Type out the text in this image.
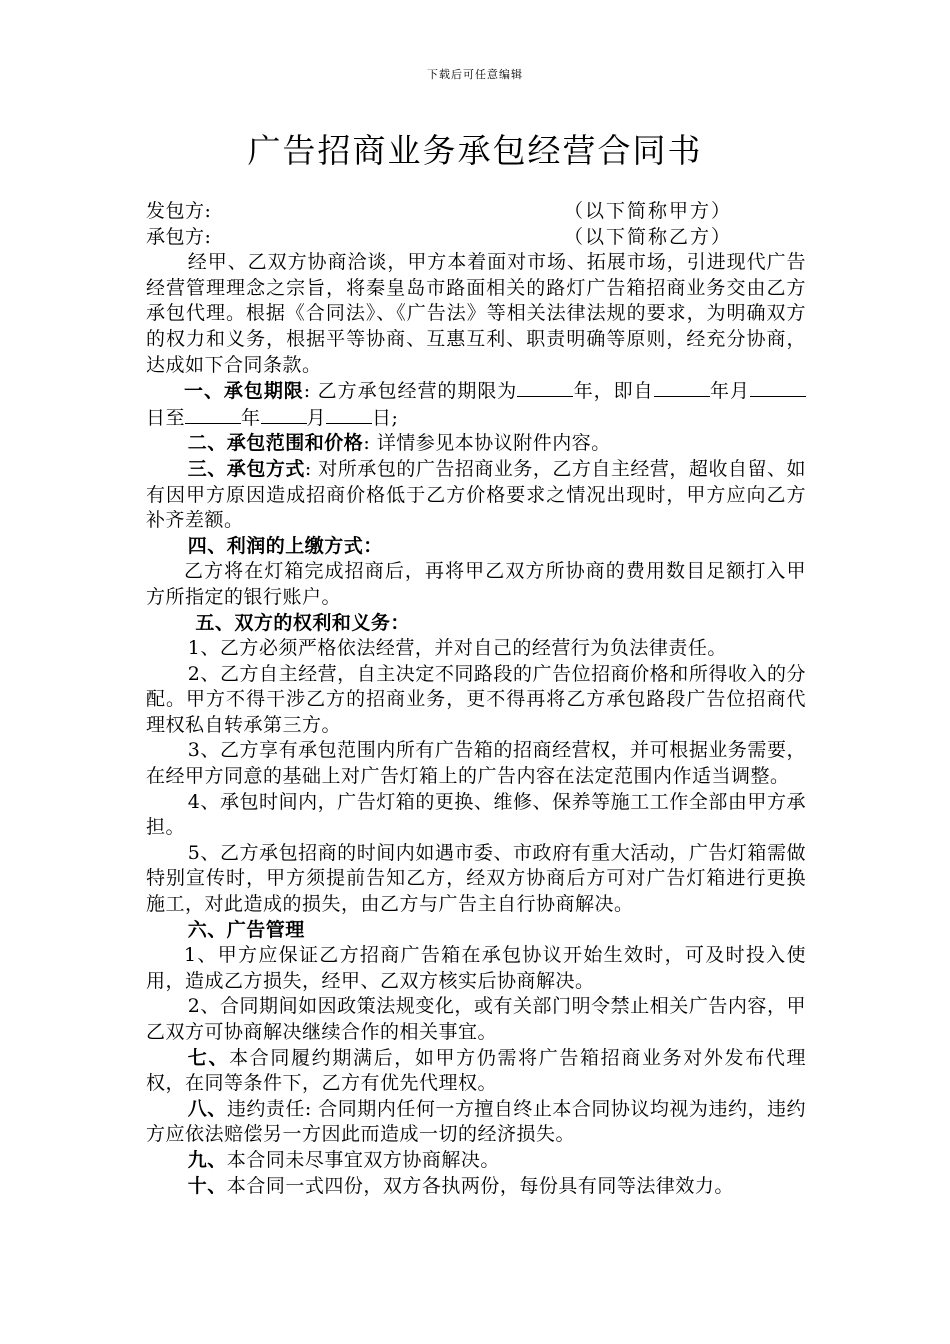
下载后可任意编辑
广告招商业务承包经营合同书
发包方:	（以下简称甲方）
承包方:	（以下简称乙方）

经甲、乙双方协商洽谈，甲方本着面对市场、拓展市场，引进现代广告经营管理理念之宗旨，将秦皇岛市路面相关的路灯广告箱招商业务交由乙方承包代理。根据《合同法》、《广告法》等相关法律法规的要求，为明确双方的权力和义务，根据平等协商、互惠互利、职责明确等原则，经充分协商，达成如下合同条款。

一、承包期限: 乙方承包经营的期限为	年，即自	年月日至	年 月 日;

二、承包范围和价格: 详情参见本协议附件内容。

三、承包方式: 对所承包的广告招商业务，乙方自主经营，超收自留、如有因甲方原因造成招商价格低于乙方价格要求之情况出现时，甲方应向乙方补齐差额。

四、利润的上缴方式：

乙方将在灯箱完成招商后，再将甲乙双方所协商的费用数目足额打入甲方所指定的银行账户。

五、双方的权利和义务：

1、乙方必须严格依法经营，并对自己的经营行为负法律责任。

2、乙方自主经营，自主决定不同路段的广告位招商价格和所得收入的分配。甲方不得干涉乙方的招商业务，更不得再将乙方承包路段广告位招商代理权私自转承第三方。

3、乙方享有承包范围内所有广告箱的招商经营权，并可根据业务需要，在经甲方同意的基础上对广告灯箱上的广告内容在法定范围内作适当调整。

4、承包时间内，广告灯箱的更换、维修、保养等施工工作全部由甲方承担。

5、乙方承包招商的时间内如遇市委、市政府有重大活动，广告灯箱需做特别宣传时，甲方须提前告知乙方，经双方协商后方可对广告灯箱进行更换施工，对此造成的损失，由乙方与广告主自行协商解决。

六、广告管理

1、甲方应保证乙方招商广告箱在承包协议开始生效时，可及时投入使用，造成乙方损失，经甲、乙双方核实后协商解决。

2、合同期间如因政策法规变化，或有关部门明令禁止相关广告内容，甲乙双方可协商解决继续合作的相关事宜。

七、本合同履约期满后，如甲方仍需将广告箱招商业务对外发布代理权，在同等条件下，乙方有优先代理权。

八、违约责任: 合同期内任何一方擅自终止本合同协议均视为违约，违约方应依法赔偿另一方因此而造成一切的经济损失。

九、本合同未尽事宜双方协商解决。

十、本合同一式四份，双方各执两份，每份具有同等法律效力。
